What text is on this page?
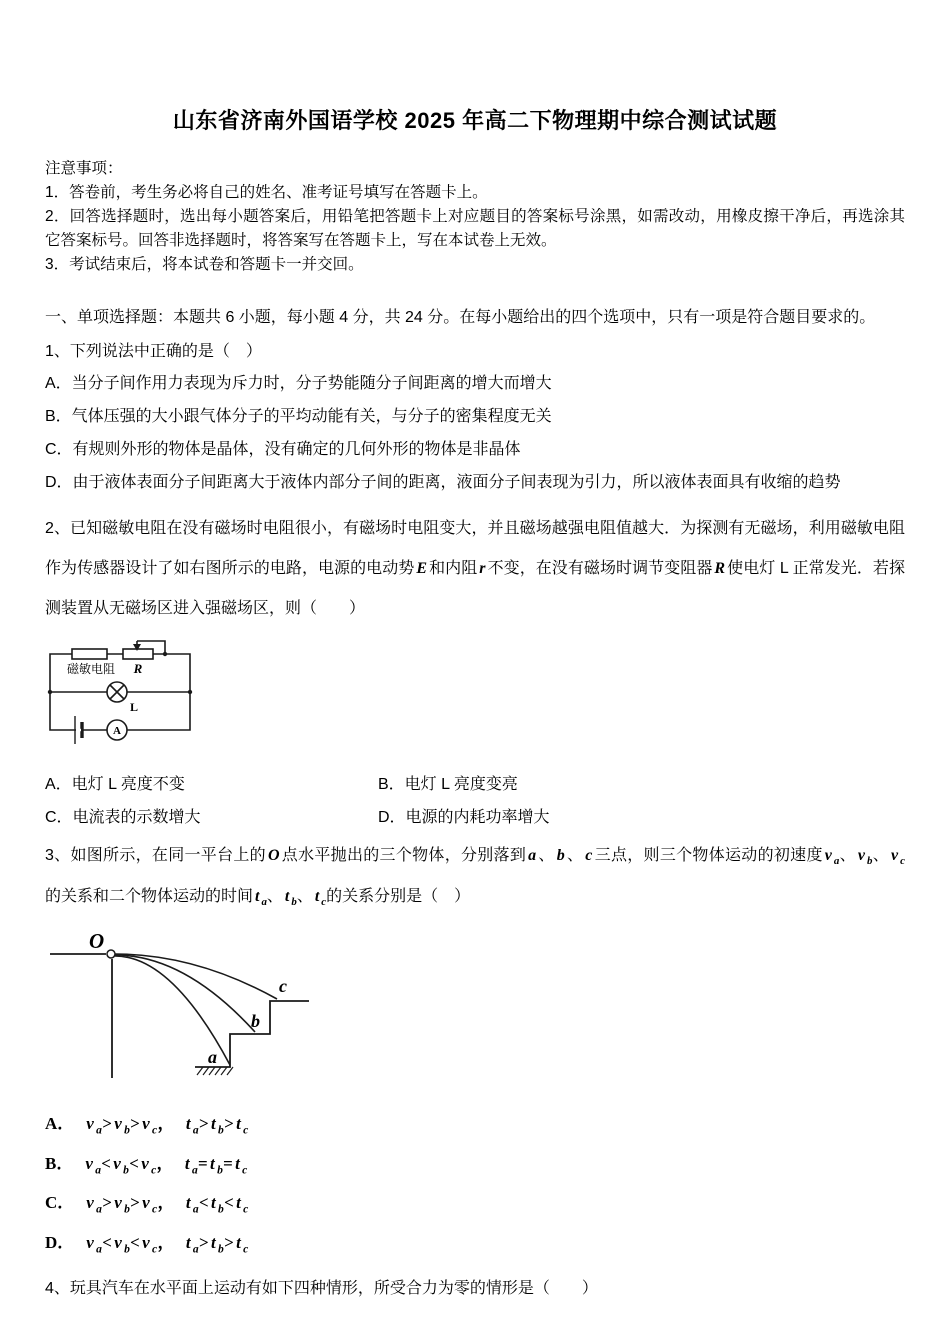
山东省济南外国语学校 2025 年高二下物理期中综合测试试题

注意事项：

1．答卷前，考生务必将自己的姓名、准考证号填写在答题卡上。

2．回答选择题时，选出每小题答案后，用铅笔把答题卡上对应题目的答案标号涂黑，如需改动，用橡皮擦干净后，再选涂其它答案标号。回答非选择题时，将答案写在答题卡上，写在本试卷上无效。

3．考试结束后，将本试卷和答题卡一并交回。

一、单项选择题：本题共 6 小题，每小题 4 分，共 24 分。在每小题给出的四个选项中，只有一项是符合题目要求的。

1、下列说法中正确的是（　）

A．当分子间作用力表现为斥力时，分子势能随分子间距离的增大而增大

B．气体压强的大小跟气体分子的平均动能有关，与分子的密集程度无关

C．有规则外形的物体是晶体，没有确定的几何外形的物体是非晶体

D．由于液体表面分子间距离大于液体内部分子间的距离，液面分子间表现为引力，所以液体表面具有收缩的趋势

2、已知磁敏电阻在没有磁场时电阻很小，有磁场时电阻变大，并且磁场越强电阻值越大．为探测有无磁场，利用磁敏电阻作为传感器设计了如右图所示的电路，电源的电动势 E 和内阻 r 不变，在没有磁场时调节变阻器 R 使电灯 L 正常发光．若探测装置从无磁场区进入强磁场区，则（　　）

磁敏电阻 R
L
A
A．电灯 L 亮度不变	B．电灯 L 亮度变亮
C．电流表的示数增大	D．电源的内耗功率增大

3、如图所示，在同一平台上的 O 点水平抛出的三个物体，分别落到 a 、 b 、 c 三点，则三个物体运动的初速度 v $_a$、 v $_b$、 v $_c$的关系和二个物体运动的时间 t $_a$、 t $_b$、 t $_c$的关系分别是（　）

O
a
b
c

A． v $_a$> v $_b$> v $_c$，  t $_a$> t $_b$> t $_c$

B． v $_a$< v $_b$< v $_c$，  t $_a$= t $_b$= t $_c$

C． v $_a$> v $_b$> v $_c$，  t $_a$< t $_b$< t $_c$

D． v $_a$< v $_b$< v $_c$，  t $_a$> t $_b$> t $_c$

4、玩具汽车在水平面上运动有如下四种情形，所受合力为零的情形是（　　）
